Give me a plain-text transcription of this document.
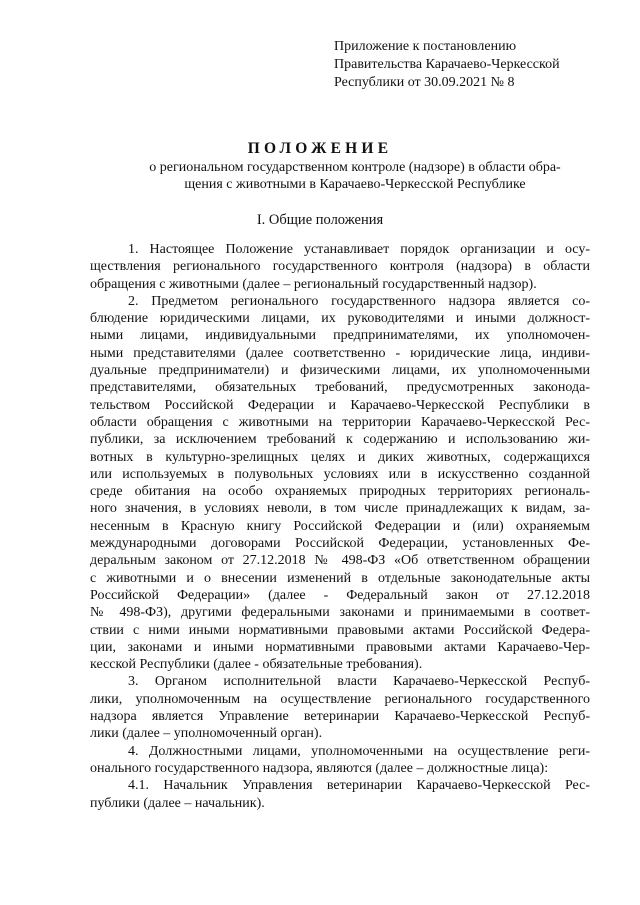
Приложение к постановлению
Правительства Карачаево-Черкесской
Республики от 30.09.2021 № 8
ПОЛОЖЕНИЕ
о региональном государственном контроле (надзоре) в области обра-
щения с животными в Карачаево-Черкесской Республике
I. Общие положения
1. Настоящее Положение устанавливает порядок организации и осу-
ществления регионального государственного контроля (надзора) в области
обращения с животными (далее – региональный государственный надзор).
2. Предметом регионального государственного надзора является со-
блюдение юридическими лицами, их руководителями и иными должност-
ными лицами, индивидуальными предпринимателями, их уполномочен-
ными представителями (далее соответственно - юридические лица, индиви-
дуальные предприниматели) и физическими лицами, их уполномоченными
представителями, обязательных требований, предусмотренных законода-
тельством Российской Федерации и Карачаево-Черкесской Республики в
области обращения с животными на территории Карачаево-Черкесской Рес-
публики, за исключением требований к содержанию и использованию жи-
вотных в культурно-зрелищных целях и диких животных, содержащихся
или используемых в полувольных условиях или в искусственно созданной
среде обитания на особо охраняемых природных территориях региональ-
ного значения, в условиях неволи, в том числе принадлежащих к видам, за-
несенным в Красную книгу Российской Федерации и (или) охраняемым
международными договорами Российской Федерации, установленных Фе-
деральным законом от 27.12.2018 № 498-ФЗ «Об ответственном обращении
с животными и о внесении изменений в отдельные законодательные акты
Российской Федерации» (далее - Федеральный закон от 27.12.2018
№ 498-ФЗ), другими федеральными законами и принимаемыми в соответ-
ствии с ними иными нормативными правовыми актами Российской Федера-
ции, законами и иными нормативными правовыми актами Карачаево-Чер-
кесской Республики (далее - обязательные требования).
3. Органом исполнительной власти Карачаево-Черкесской Респуб-
лики, уполномоченным на осуществление регионального государственного
надзора является Управление ветеринарии Карачаево-Черкесской Респуб-
лики (далее – уполномоченный орган).
4. Должностными лицами, уполномоченными на осуществление реги-
онального государственного надзора, являются (далее – должностные лица):
4.1. Начальник Управления ветеринарии Карачаево-Черкесской Рес-
публики (далее – начальник).
